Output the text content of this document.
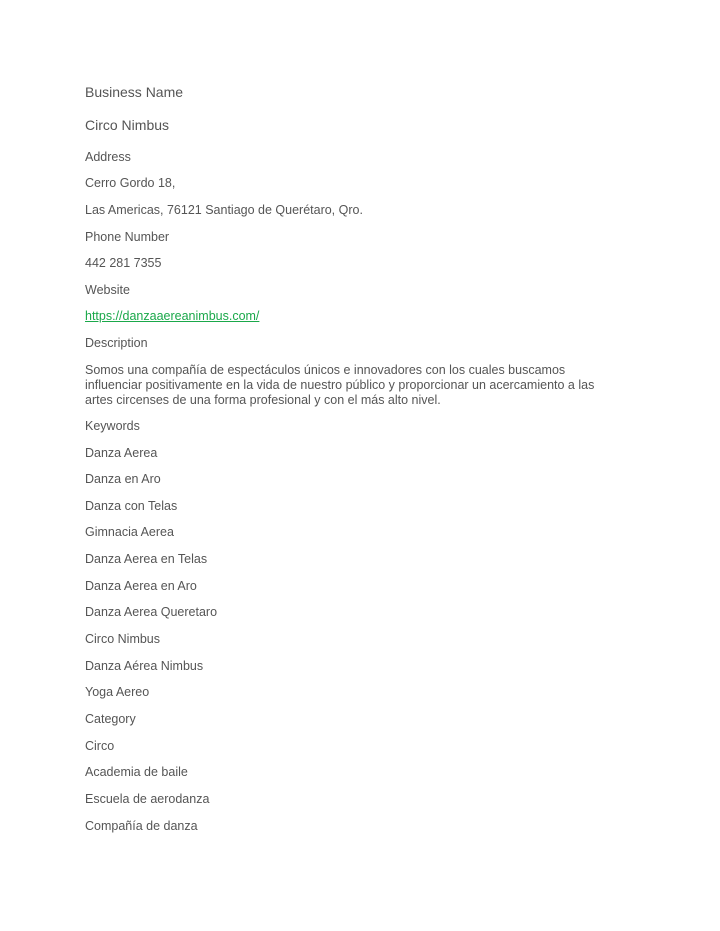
Business Name

Circo Nimbus

Address

Cerro Gordo 18,

Las Americas, 76121 Santiago de Querétaro, Qro.

Phone Number

442 281 7355

Website

https://danzaaereanimbus.com/

Description

Somos una compañía de espectáculos únicos e innovadores con los cuales buscamos influenciar positivamente en la vida de nuestro público y proporcionar un acercamiento a las artes circenses de una forma profesional y con el más alto nivel.

Keywords

Danza Aerea
Danza en Aro
Danza con Telas
Gimnacia Aerea
Danza Aerea en Telas
Danza Aerea en Aro
Danza Aerea Queretaro
Circo Nimbus
Danza Aérea Nimbus
Yoga Aereo

Category

Circo
Academia de baile
Escuela de aerodanza
Compañía de danza
